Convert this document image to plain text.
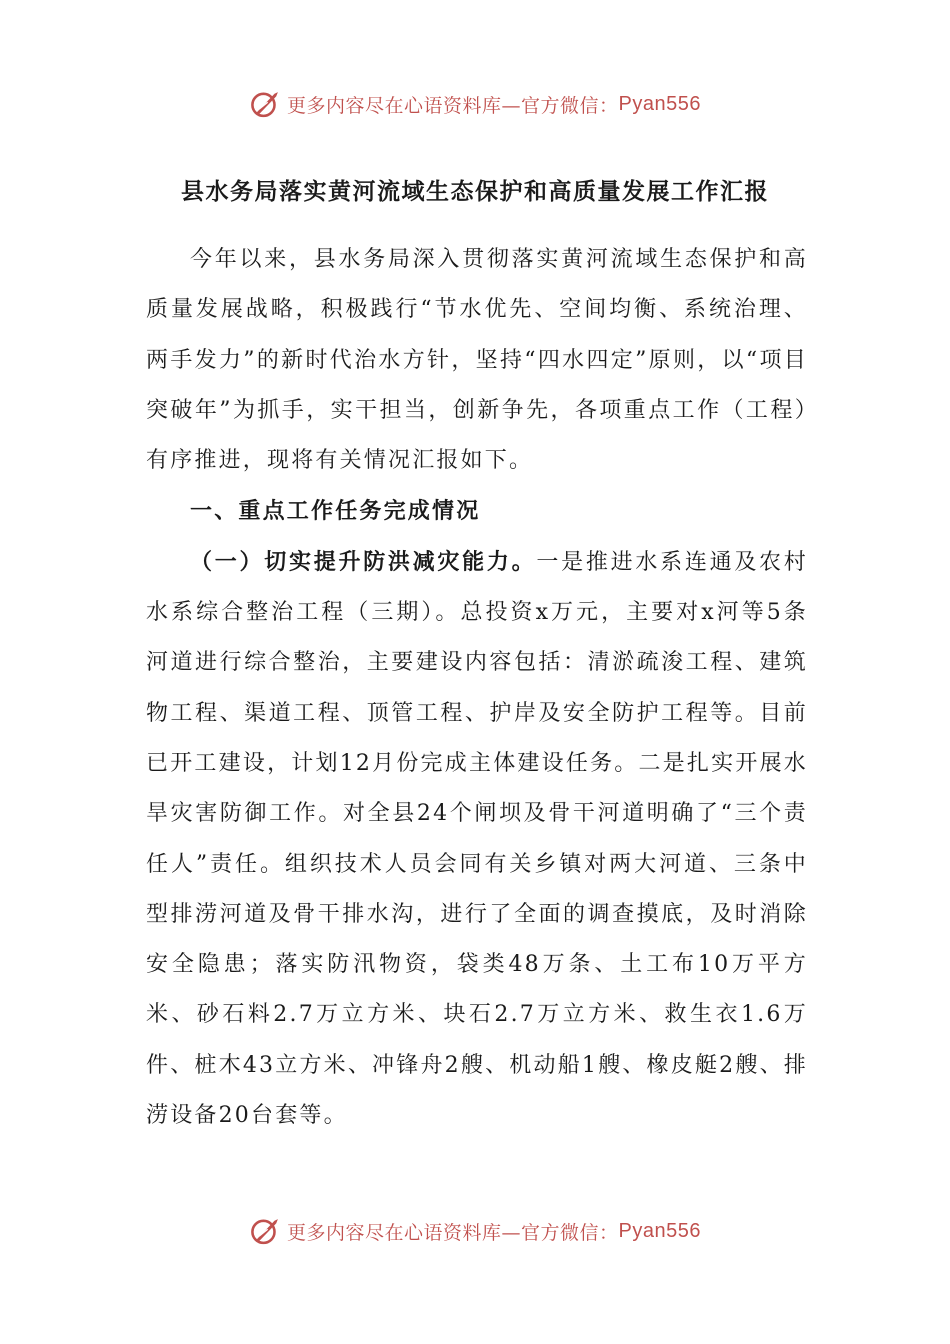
更多内容尽在心语资料库—官方微信： Pyan556
县水务局落实黄河流域生态保护和高质量发展工作汇报

今年以来，县水务局深入贯彻落实黄河流域生态保护和高质量发展战略，积极践行“节水优先、空间均衡、系统治理、两手发力”的新时代治水方针，坚持“四水四定”原则，以“项目突破年”为抓手，实干担当，创新争先，各项重点工作（工程）有序推进，现将有关情况汇报如下。

一、重点工作任务完成情况

（一）切实提升防洪减灾能力。一是推进水系连通及农村水系综合整治工程（三期）。总投资x万元，主要对x河等5条河道进行综合整治，主要建设内容包括：清淤疏浚工程、建筑物工程、渠道工程、顶管工程、护岸及安全防护工程等。目前已开工建设，计划12月份完成主体建设任务。二是扎实开展水旱灾害防御工作。对全县24个闸坝及骨干河道明确了“三个责任人”责任。组织技术人员会同有关乡镇对两大河道、三条中型排涝河道及骨干排水沟，进行了全面的调查摸底，及时消除安全隐患；落实防汛物资，袋类48万条、土工布10万平方米、砂石料2.7万立方米、块石2.7万立方米、救生衣1.6万件、桩木43立方米、冲锋舟2艘、机动船1艘、橡皮艇2艘、排涝设备20台套等。

更多内容尽在心语资料库—官方微信： Pyan556
